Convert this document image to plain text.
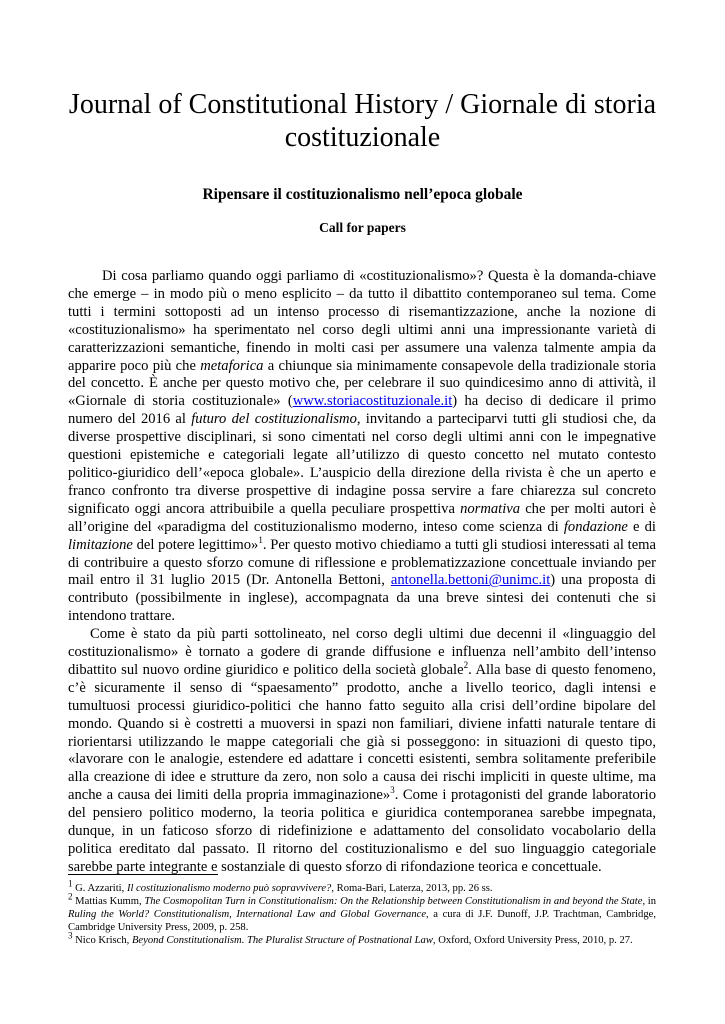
Journal of Constitutional History / Giornale di storia costituzionale
Ripensare il costituzionalismo nell’epoca globale
Call for papers

Di cosa parliamo quando oggi parliamo di «costituzionalismo»? Questa è la domanda-chiave che emerge – in modo più o meno esplicito – da tutto il dibattito contemporaneo sul tema. Come tutti i termini sottoposti ad un intenso processo di risemantizzazione, anche la nozione di «costituzionalismo» ha sperimentato nel corso degli ultimi anni una impressionante varietà di caratterizzazioni semantiche, finendo in molti casi per assumere una valenza talmente ampia da apparire poco più che metaforica a chiunque sia minimamente consapevole della tradizionale storia del concetto. È anche per questo motivo che, per celebrare il suo quindicesimo anno di attività, il «Giornale di storia costituzionale» (www.storiacostituzionale.it) ha deciso di dedicare il primo numero del 2016 al futuro del costituzionalismo, invitando a parteciparvi tutti gli studiosi che, da diverse prospettive disciplinari, si sono cimentati nel corso degli ultimi anni con le impegnative questioni epistemiche e categoriali legate all’utilizzo di questo concetto nel mutato contesto politico-giuridico dell’«epoca globale». L’auspicio della direzione della rivista è che un aperto e franco confronto tra diverse prospettive di indagine possa servire a fare chiarezza sul concreto significato oggi ancora attribuibile a quella peculiare prospettiva normativa che per molti autori è all’origine del «paradigma del costituzionalismo moderno, inteso come scienza di fondazione e di limitazione del potere legittimo»$^1$. Per questo motivo chiediamo a tutti gli studiosi interessati al tema di contribuire a questo sforzo comune di riflessione e problematizzazione concettuale inviando per mail entro il 31 luglio 2015 (Dr. Antonella Bettoni, antonella.bettoni@unimc.it) una proposta di contributo (possibilmente in inglese), accompagnata da una breve sintesi dei contenuti che si intendono trattare.

Come è stato da più parti sottolineato, nel corso degli ultimi due decenni il «linguaggio del costituzionalismo» è tornato a godere di grande diffusione e influenza nell’ambito dell’intenso dibattito sul nuovo ordine giuridico e politico della società globale$^2$. Alla base di questo fenomeno, c’è sicuramente il senso di “spaesamento” prodotto, anche a livello teorico, dagli intensi e tumultuosi processi giuridico-politici che hanno fatto seguito alla crisi dell’ordine bipolare del mondo. Quando si è costretti a muoversi in spazi non familiari, diviene infatti naturale tentare di riorientarsi utilizzando le mappe categoriali che già si posseggono: in situazioni di questo tipo, «lavorare con le analogie, estendere ed adattare i concetti esistenti, sembra solitamente preferibile alla creazione di idee e strutture da zero, non solo a causa dei rischi impliciti in queste ultime, ma anche a causa dei limiti della propria immaginazione»$^3$. Come i protagonisti del grande laboratorio del pensiero politico moderno, la teoria politica e giuridica contemporanea sarebbe impegnata, dunque, in un faticoso sforzo di ridefinizione e adattamento del consolidato vocabolario della politica ereditato dal passato. Il ritorno del costituzionalismo e del suo linguaggio categoriale sarebbe parte integrante e sostanziale di questo sforzo di rifondazione teorica e concettuale.

$^1$ G. Azzariti, Il costituzionalismo moderno può sopravvivere?, Roma-Bari, Laterza, 2013, pp. 26 ss.

$^2$ Mattias Kumm, The Cosmopolitan Turn in Constitutionalism: On the Relationship between Constitutionalism in and beyond the State, in Ruling the World? Constitutionalism, International Law and Global Governance, a cura di J.F. Dunoff, J.P. Trachtman, Cambridge, Cambridge University Press, 2009, p. 258.

$^3$ Nico Krisch, Beyond Constitutionalism. The Pluralist Structure of Postnational Law, Oxford, Oxford University Press, 2010, p. 27.
